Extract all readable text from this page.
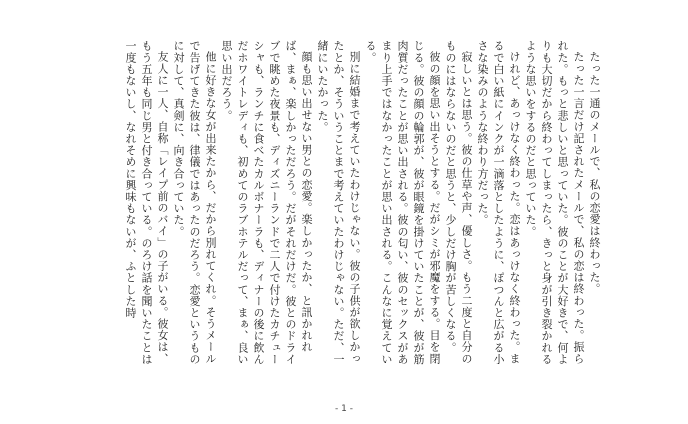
たった一通のメールで、私の恋愛は終わった。

たった一言だけ記されたメールで、私の恋は終わった。振られた。もっと悲しいと思っていた。彼のことが大好きで、何よりも大切だから終わってしまったら、きっと身が引き裂かれるような思いをするのだと思っていた。

けれど、あっけなく終わった。恋はあっけなく終わった。まるで白い紙にインクが一滴落としたように、ぽつんと広がる小さな染みのような終わり方だった。

寂しいとは思う。彼の仕草や声、優しさ。もう二度と自分のものにはならないのだと思うと、少しだけ胸が苦しくなる。

彼の顔を思い出そうとする。だがシミが邪魔をする。目を閉じる。彼の顔の輪郭が、彼が眼鏡を掛けていたことが、彼が筋肉質だったことが思い出される。彼の匂い、彼のセックスがあまり上手ではなかったことが思い出される。こんなに覚えている。

別に結婚まで考えていたわけじゃない。彼の子供が欲しかったとか、そういうことまで考えていたわけじゃない。ただ、一緒にいたかった。

顔も思い出せない男との恋愛。楽しかったか、と訊かれれば、まぁ、楽しかっただろう。だがそれだけだ。彼とのドライブで眺めた夜景も、ディズニーランドで二人で付けたカチューシャも、ランチに食べたカルボナーラも、ディナーの後に飲んだホワイトレディも、初めてのラブホテルだって、まぁ、良い思い出だろう。

他に好きな女が出来たから、だから別れてくれ。そうメールで告げてきた彼は、律儀ではあったのだろう。恋愛というものに対して、真剣に、向き合っていた。

友人に一人、自称「レイプ前のバイ」の子がいる。彼女は、もう五年も同じ男と付き合っている。のろけ話を聞いたことは一度もないし、なれそめに興味もないが、ふとした時

- 1 -
